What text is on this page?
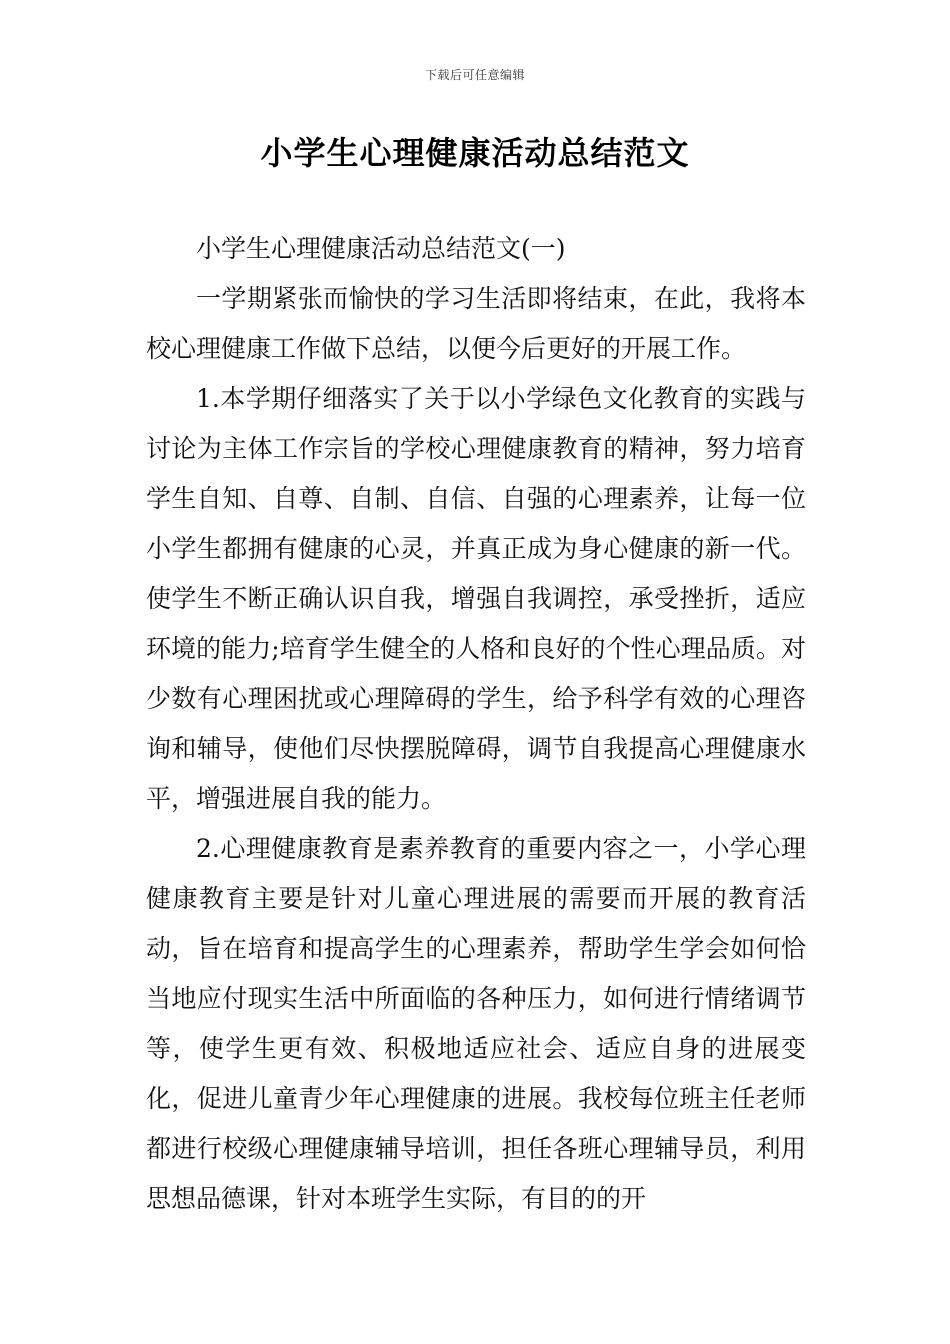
下载后可任意编辑
小学生心理健康活动总结范文

小学生心理健康活动总结范文(一)

一学期紧张而愉快的学习生活即将结束，在此，我将本校心理健康工作做下总结，以便今后更好的开展工作。

1.本学期仔细落实了关于以小学绿色文化教育的实践与讨论为主体工作宗旨的学校心理健康教育的精神，努力培育学生自知、自尊、自制、自信、自强的心理素养，让每一位小学生都拥有健康的心灵，并真正成为身心健康的新一代。使学生不断正确认识自我，增强自我调控，承受挫折，适应环境的能力;培育学生健全的人格和良好的个性心理品质。对少数有心理困扰或心理障碍的学生，给予科学有效的心理咨询和辅导，使他们尽快摆脱障碍，调节自我提高心理健康水平，增强进展自我的能力。

2.心理健康教育是素养教育的重要内容之一，小学心理健康教育主要是针对儿童心理进展的需要而开展的教育活动，旨在培育和提高学生的心理素养，帮助学生学会如何恰当地应付现实生活中所面临的各种压力，如何进行情绪调节等，使学生更有效、积极地适应社会、适应自身的进展变化，促进儿童青少年心理健康的进展。我校每位班主任老师都进行校级心理健康辅导培训，担任各班心理辅导员，利用思想品德课，针对本班学生实际，有目的的开
